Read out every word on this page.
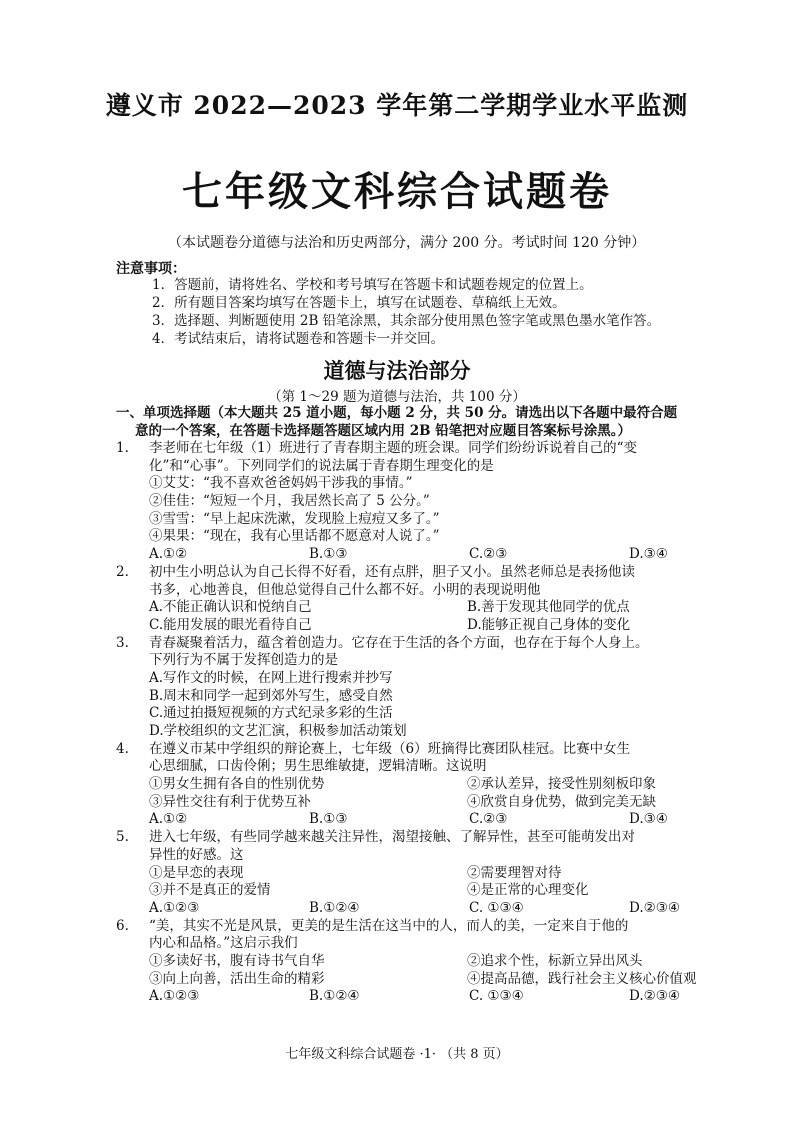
遵义市 2022—2023 学年第二学期学业水平监测
七年级文科综合试题卷
（本试题卷分道德与法治和历史两部分，满分 200 分。考试时间 120 分钟）
注意事项：
1．答题前，请将姓名、学校和考号填写在答题卡和试题卷规定的位置上。
2．所有题目答案均填写在答题卡上，填写在试题卷、草稿纸上无效。
3．选择题、判断题使用 2B 铅笔涂黑，其余部分使用黑色签字笔或黑色墨水笔作答。
4．考试结束后，请将试题卷和答题卡一并交回。
道德与法治部分
（第 1～29 题为道德与法治，共 100 分）
一、单项选择题（本大题共 25 道小题，每小题 2 分，共 50 分。请选出以下各题中最符合题
意的一个答案，在答题卡选择题答题区域内用 2B 铅笔把对应题目答案标号涂黑。）
1. 李老师在七年级（1）班进行了青春期主题的班会课。同学们纷纷诉说着自己的“变
化”和“心事”。下列同学们的说法属于青春期生理变化的是
①艾艾：“我不喜欢爸爸妈妈干涉我的事情。”
②佳佳：“短短一个月，我居然长高了 5 公分。”
③雪雪：“早上起床洗漱，发现脸上痘痘又多了。”
④果果：“现在，我有心里话都不愿意对人说了。”
A.①②	B.①③	C.②③	D.③④
2. 初中生小明总认为自己长得不好看，还有点胖，胆子又小。虽然老师总是表扬他读
书多，心地善良，但他总觉得自己什么都不好。小明的表现说明他
A.不能正确认识和悦纳自己	B.善于发现其他同学的优点
C.能用发展的眼光看待自己	D.能够正视自己身体的变化
3. 青春凝聚着活力，蕴含着创造力。它存在于生活的各个方面，也存在于每个人身上。
下列行为不属于发挥创造力的是
A.写作文的时候，在网上进行搜索并抄写
B.周末和同学一起到郊外写生，感受自然
C.通过拍摄短视频的方式纪录多彩的生活
D.学校组织的文艺汇演，积极参加活动策划
4. 在遵义市某中学组织的辩论赛上，七年级（6）班摘得比赛团队桂冠。比赛中女生
心思细腻，口齿伶俐；男生思维敏捷，逻辑清晰。这说明
①男女生拥有各自的性别优势	②承认差异，接受性别刻板印象
③异性交往有利于优势互补	④欣赏自身优势，做到完美无缺
A.①②	B.①③	C.②③	D.③④
5. 进入七年级，有些同学越来越关注异性，渴望接触、了解异性，甚至可能萌发出对
异性的好感。这
①是早恋的表现	②需要理智对待
③并不是真正的爱情	④是正常的心理变化
A.①②③	B.①②④	C. ①③④	D.②③④
6. “美，其实不光是风景，更美的是生活在这当中的人，而人的美，一定来自于他的
内心和品格。”这启示我们
①多读好书，腹有诗书气自华	②追求个性，标新立异出风头
③向上向善，活出生命的精彩	④提高品德，践行社会主义核心价值观
A.①②③	B.①②④	C. ①③④	D.②③④
七年级文科综合试题卷 ·1· （共 8 页）
